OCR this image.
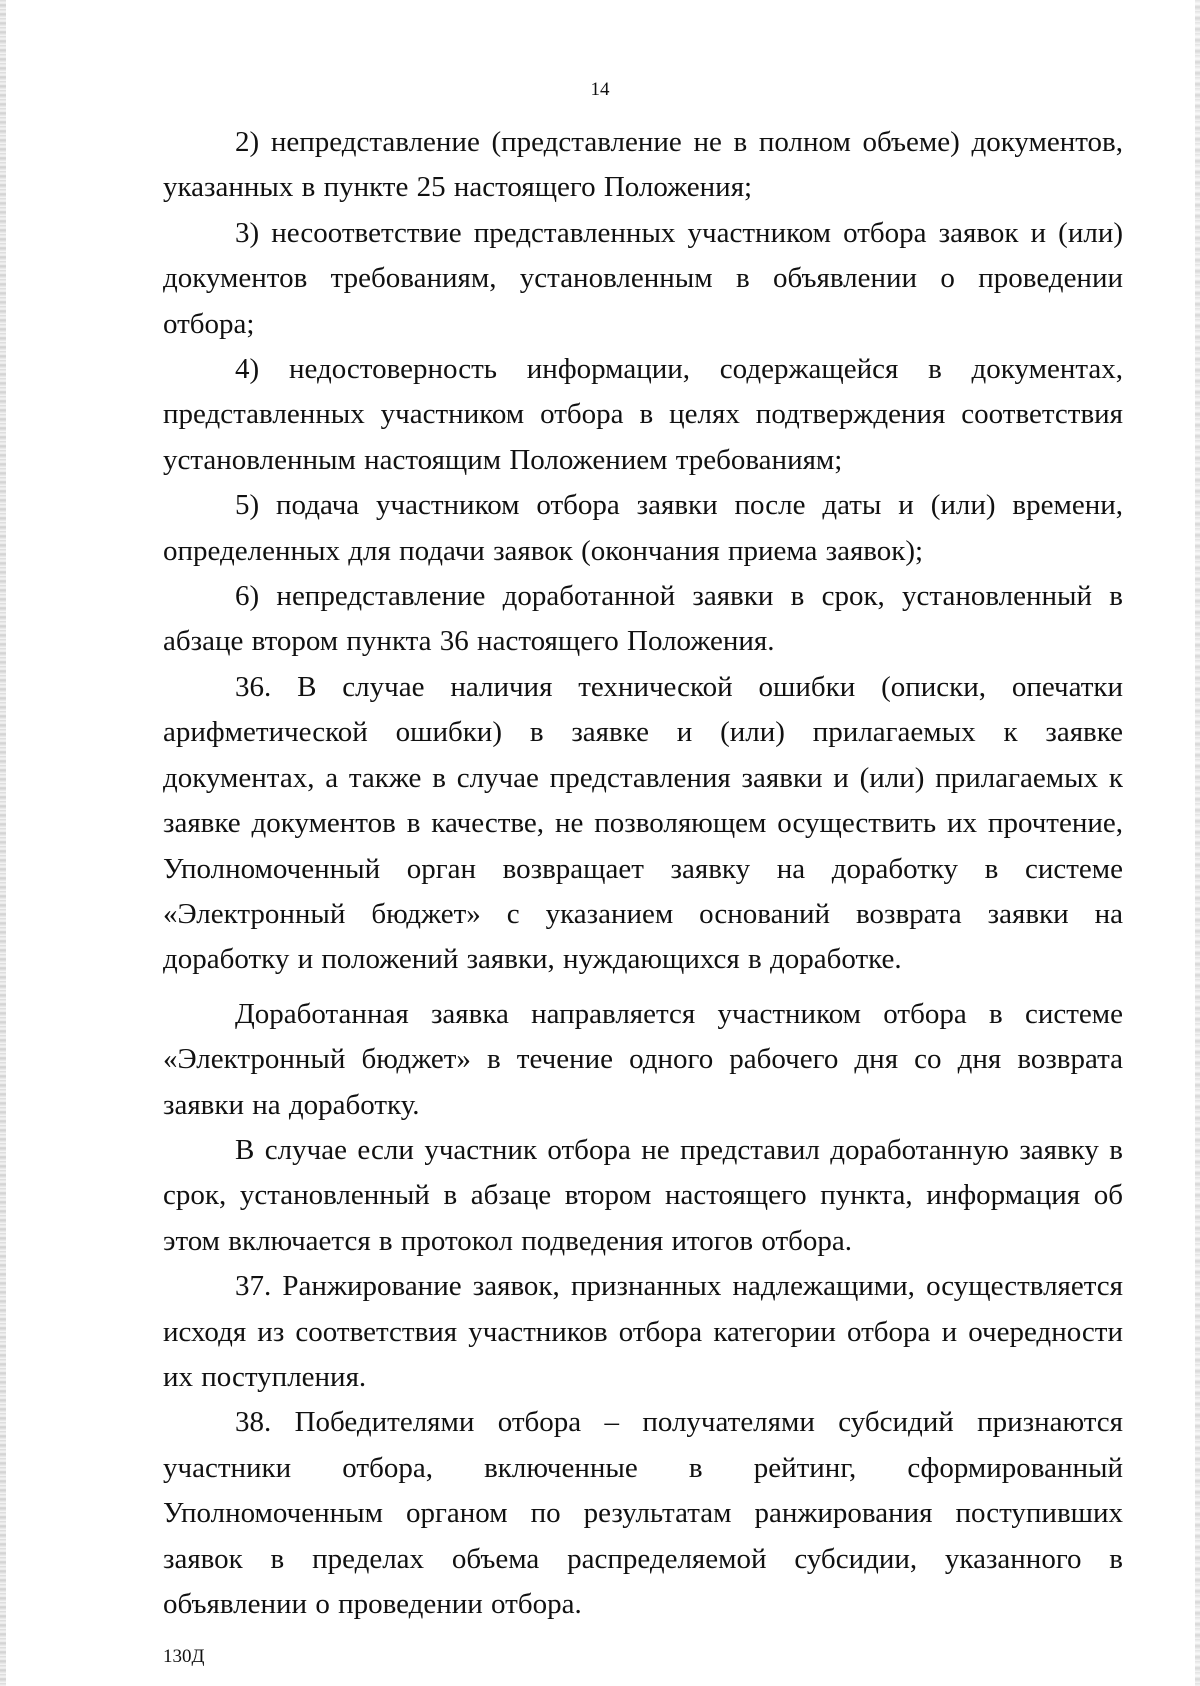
14

2) непредставление (представление не в полном объеме) документов, указанных в пункте 25 настоящего Положения;

3) несоответствие представленных участником отбора заявок и (или) документов требованиям, установленным в объявлении о проведении отбора;

4) недостоверность информации, содержащейся в документах, представленных участником отбора в целях подтверждения соответствия установленным настоящим Положением требованиям;

5) подача участником отбора заявки после даты и (или) времени, определенных для подачи заявок (окончания приема заявок);

6) непредставление доработанной заявки в срок, установленный в абзаце втором пункта 36 настоящего Положения.

36. В случае наличия технической ошибки (описки, опечатки арифметической ошибки) в заявке и (или) прилагаемых к заявке документах, а также в случае представления заявки и (или) прилагаемых к заявке документов в качестве, не позволяющем осуществить их прочтение, Уполномоченный орган возвращает заявку на доработку в системе «Электронный бюджет» с указанием оснований возврата заявки на доработку и положений заявки, нуждающихся в доработке.

Доработанная заявка направляется участником отбора в системе «Электронный бюджет» в течение одного рабочего дня со дня возврата заявки на доработку.

В случае если участник отбора не представил доработанную заявку в срок, установленный в абзаце втором настоящего пункта, информация об этом включается в протокол подведения итогов отбора.

37. Ранжирование заявок, признанных надлежащими, осуществляется исходя из соответствия участников отбора категории отбора и очередности их поступления.

38. Победителями отбора – получателями субсидий признаются участники отбора, включенные в рейтинг, сформированный Уполномоченным органом по результатам ранжирования поступивших заявок в пределах объема распределяемой субсидии, указанного в объявлении о проведении отбора.

130Д
